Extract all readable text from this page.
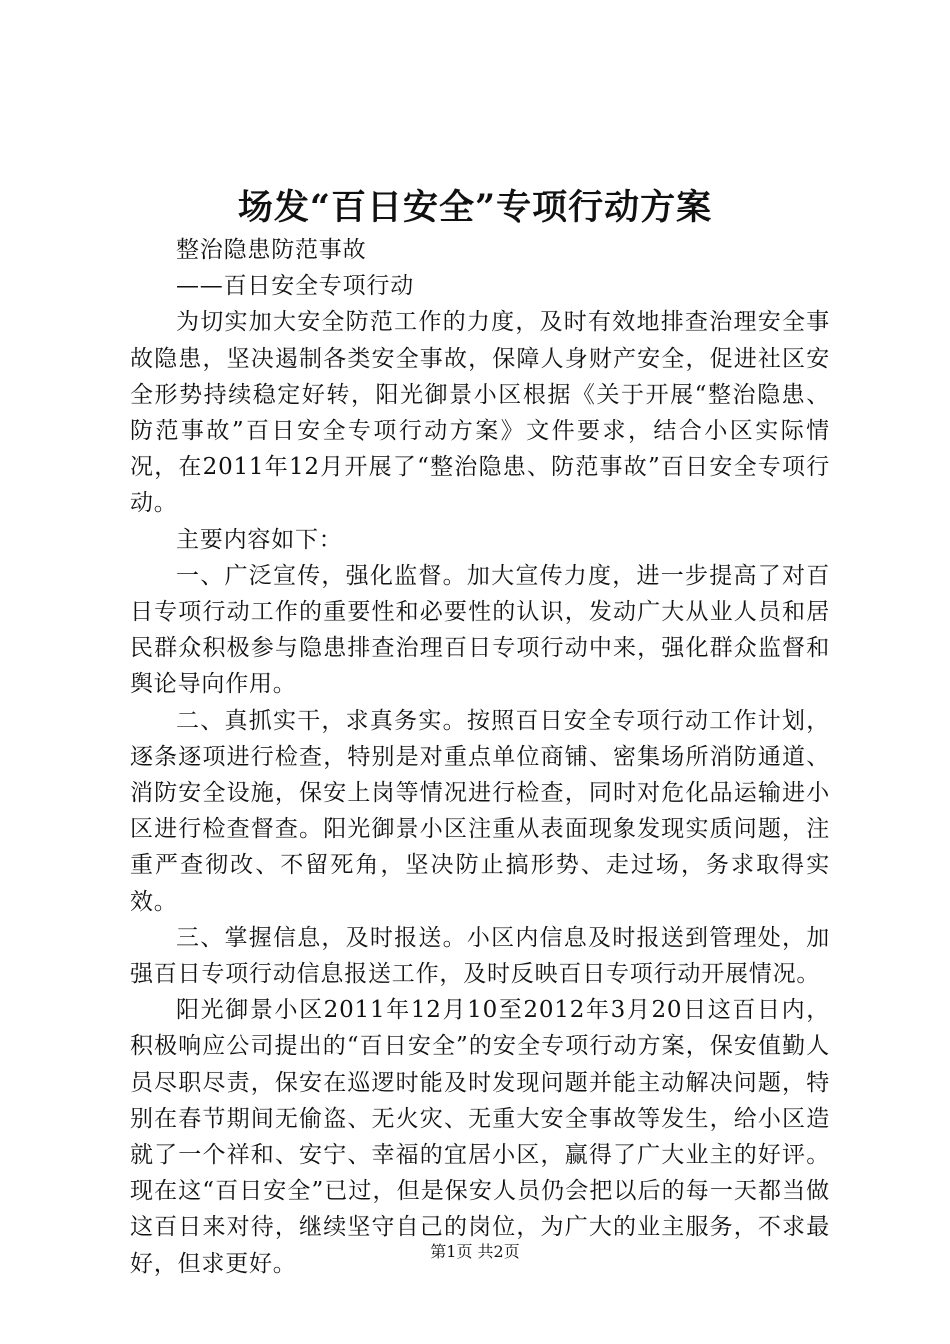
场发“百日安全”专项行动方案

整治隐患防范事故

——百日安全专项行动

为切实加大安全防范工作的力度，及时有效地排查治理安全事故隐患，坚决遏制各类安全事故，保障人身财产安全，促进社区安全形势持续稳定好转，阳光御景小区根据《关于开展“整治隐患、防范事故”百日安全专项行动方案》文件要求，结合小区实际情况，在2011年12月开展了“整治隐患、防范事故”百日安全专项行动。

主要内容如下：

一、广泛宣传，强化监督。加大宣传力度，进一步提高了对百日专项行动工作的重要性和必要性的认识，发动广大从业人员和居民群众积极参与隐患排查治理百日专项行动中来，强化群众监督和舆论导向作用。

二、真抓实干，求真务实。按照百日安全专项行动工作计划，逐条逐项进行检查，特别是对重点单位商铺、密集场所消防通道、消防安全设施，保安上岗等情况进行检查，同时对危化品运输进小区进行检查督查。阳光御景小区注重从表面现象发现实质问题，注重严查彻改、不留死角，坚决防止搞形势、走过场，务求取得实效。

三、掌握信息，及时报送。小区内信息及时报送到管理处，加强百日专项行动信息报送工作，及时反映百日专项行动开展情况。

阳光御景小区2011年12月10至2012年3月20日这百日内，积极响应公司提出的“百日安全”的安全专项行动方案，保安值勤人员尽职尽责，保安在巡逻时能及时发现问题并能主动解决问题，特别在春节期间无偷盗、无火灾、无重大安全事故等发生，给小区造就了一个祥和、安宁、幸福的宜居小区，赢得了广大业主的好评。现在这“百日安全”已过，但是保安人员仍会把以后的每一天都当做这百日来对待，继续坚守自己的岗位，为广大的业主服务，不求最好，但求更好。	第1页 共2页
